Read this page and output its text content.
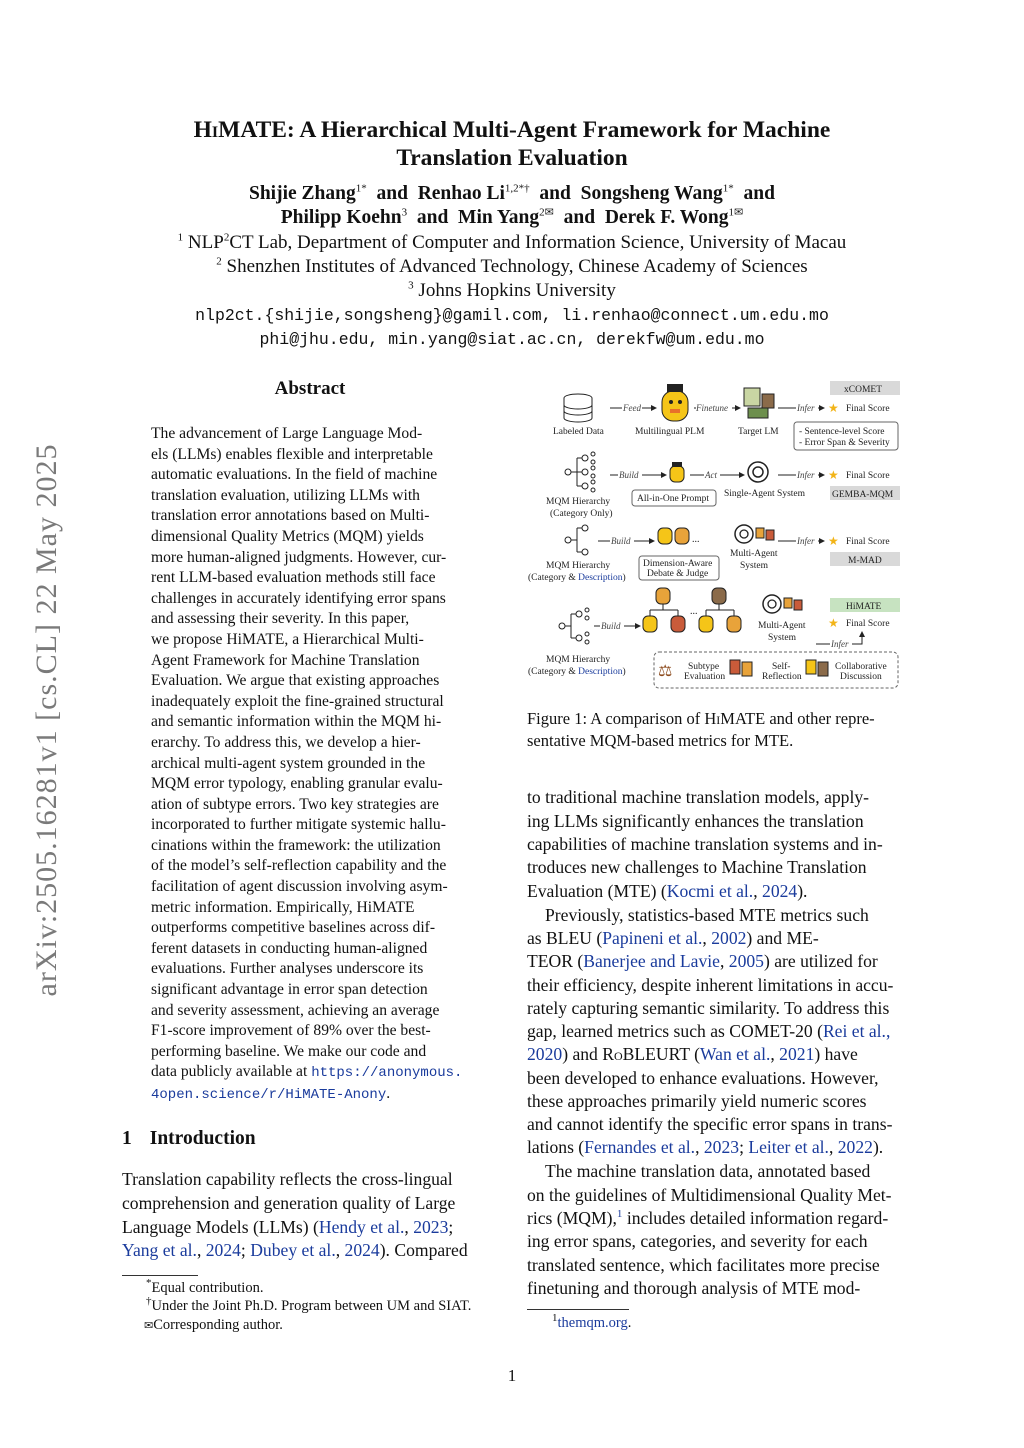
arXiv:2505.16281v1 [cs.CL] 22 May 2025
HiMATE: A Hierarchical Multi-Agent Framework for Machine
Translation Evaluation
Shijie Zhang$^{1*}$ and Renhao $Li^{1,2*\dagger}$ and Songsheng Wang$^{1*}$ and
Philipp Koehn$^3$ and Min Yang$^{2✉}$ and Derek F. Wong$^{1✉}$
$^1$ NLP$^2$CT Lab, Department of Computer and Information Science, University of Macau
$^2$ Shenzhen Institutes of Advanced Technology, Chinese Academy of Sciences
$^3$ Johns Hopkins University
nlp2ct.{shijie,songsheng}@gamil.com, li.renhao@connect.um.edu.mo
phi@jhu.edu, min.yang@siat.ac.cn, derekfw@um.edu.mo
Abstract
The advancement of Large Language Mod-
els (LLMs) enables flexible and interpretable
automatic evaluations. In the field of machine
translation evaluation, utilizing LLMs with
translation error annotations based on Multi-
dimensional Quality Metrics (MQM) yields
more human-aligned judgments. However, cur-
rent LLM-based evaluation methods still face
challenges in accurately identifying error spans
and assessing their severity. In this paper,
we propose HiMATE, a Hierarchical Multi-
Agent Framework for Machine Translation
Evaluation. We argue that existing approaches
inadequately exploit the fine-grained structural
and semantic information within the MQM hi-
erarchy. To address this, we develop a hier-
archical multi-agent system grounded in the
MQM error typology, enabling granular evalu-
ation of subtype errors. Two key strategies are
incorporated to further mitigate systemic hallu-
cinations within the framework: the utilization
of the model’s self-reflection capability and the
facilitation of agent discussion involving asym-
metric information. Empirically, HiMATE
outperforms competitive baselines across dif-
ferent datasets in conducting human-aligned
evaluations. Further analyses underscore its
significant advantage in error span detection
and severity assessment, achieving an average
F1-score improvement of 89% over the best-
performing baseline. We make our code and
data publicly available at https://anonymous.
4open.science/r/HiMATE-Anony.
1 Introduction
Translation capability reflects the cross-lingual
comprehension and generation quality of Large
Language Models (LLMs) (Hendy et al., 2023;
Yang et al., 2024; Dubey et al., 2024). Compared
*Equal contribution.
†Under the Joint Ph.D. Program between UM and SIAT.
✉Corresponding author.
Labeled Data
Feed
Multilingual PLM
Finetune
Target LM
Infer ★ Final Score
xCOMET
- Sentence-level Score
- Error Span & Severity
MQM Hierarchy
(Category Only)
Build	Act	Infer ★ Final Score
All-in-One Prompt Single-Agent System	GEMBA-MQM
MQM Hierarchy
(Category & Description)
Build	...
Dimension-Aware
Debate & Judge
Multi-Agent
System
Infer ★ Final Score
M-MAD
MQM Hierarchy
(Category & Description)
Build
...
Multi-Agent
System
HiMATE
★ Final Score
Infer
⚖ Subtype
Evaluation
Self-
Reflection
Collaborative
Discussion
Figure 1: A comparison of HiMATE and other repre-
sentative MQM-based metrics for MTE.
to traditional machine translation models, apply-
ing LLMs significantly enhances the translation
capabilities of machine translation systems and in-
troduces new challenges to Machine Translation
Evaluation (MTE) (Kocmi et al., 2024).
Previously, statistics-based MTE metrics such
as BLEU (Papineni et al., 2002) and ME-
TEOR (Banerjee and Lavie, 2005) are utilized for
their efficiency, despite inherent limitations in accu-
rately capturing semantic similarity. To address this
gap, learned metrics such as COMET-20 (Rei et al.,
2020) and RoBLEURT (Wan et al., 2021) have
been developed to enhance evaluations. However,
these approaches primarily yield numeric scores
and cannot identify the specific error spans in trans-
lations (Fernandes et al., 2023; Leiter et al., 2022).
The machine translation data, annotated based
on the guidelines of Multidimensional Quality Met-
rics (MQM),$^1$ includes detailed information regard-
ing error spans, categories, and severity for each
translated sentence, which facilitates more precise
finetuning and thorough analysis of MTE mod-
$^1$themqm.org.
1
